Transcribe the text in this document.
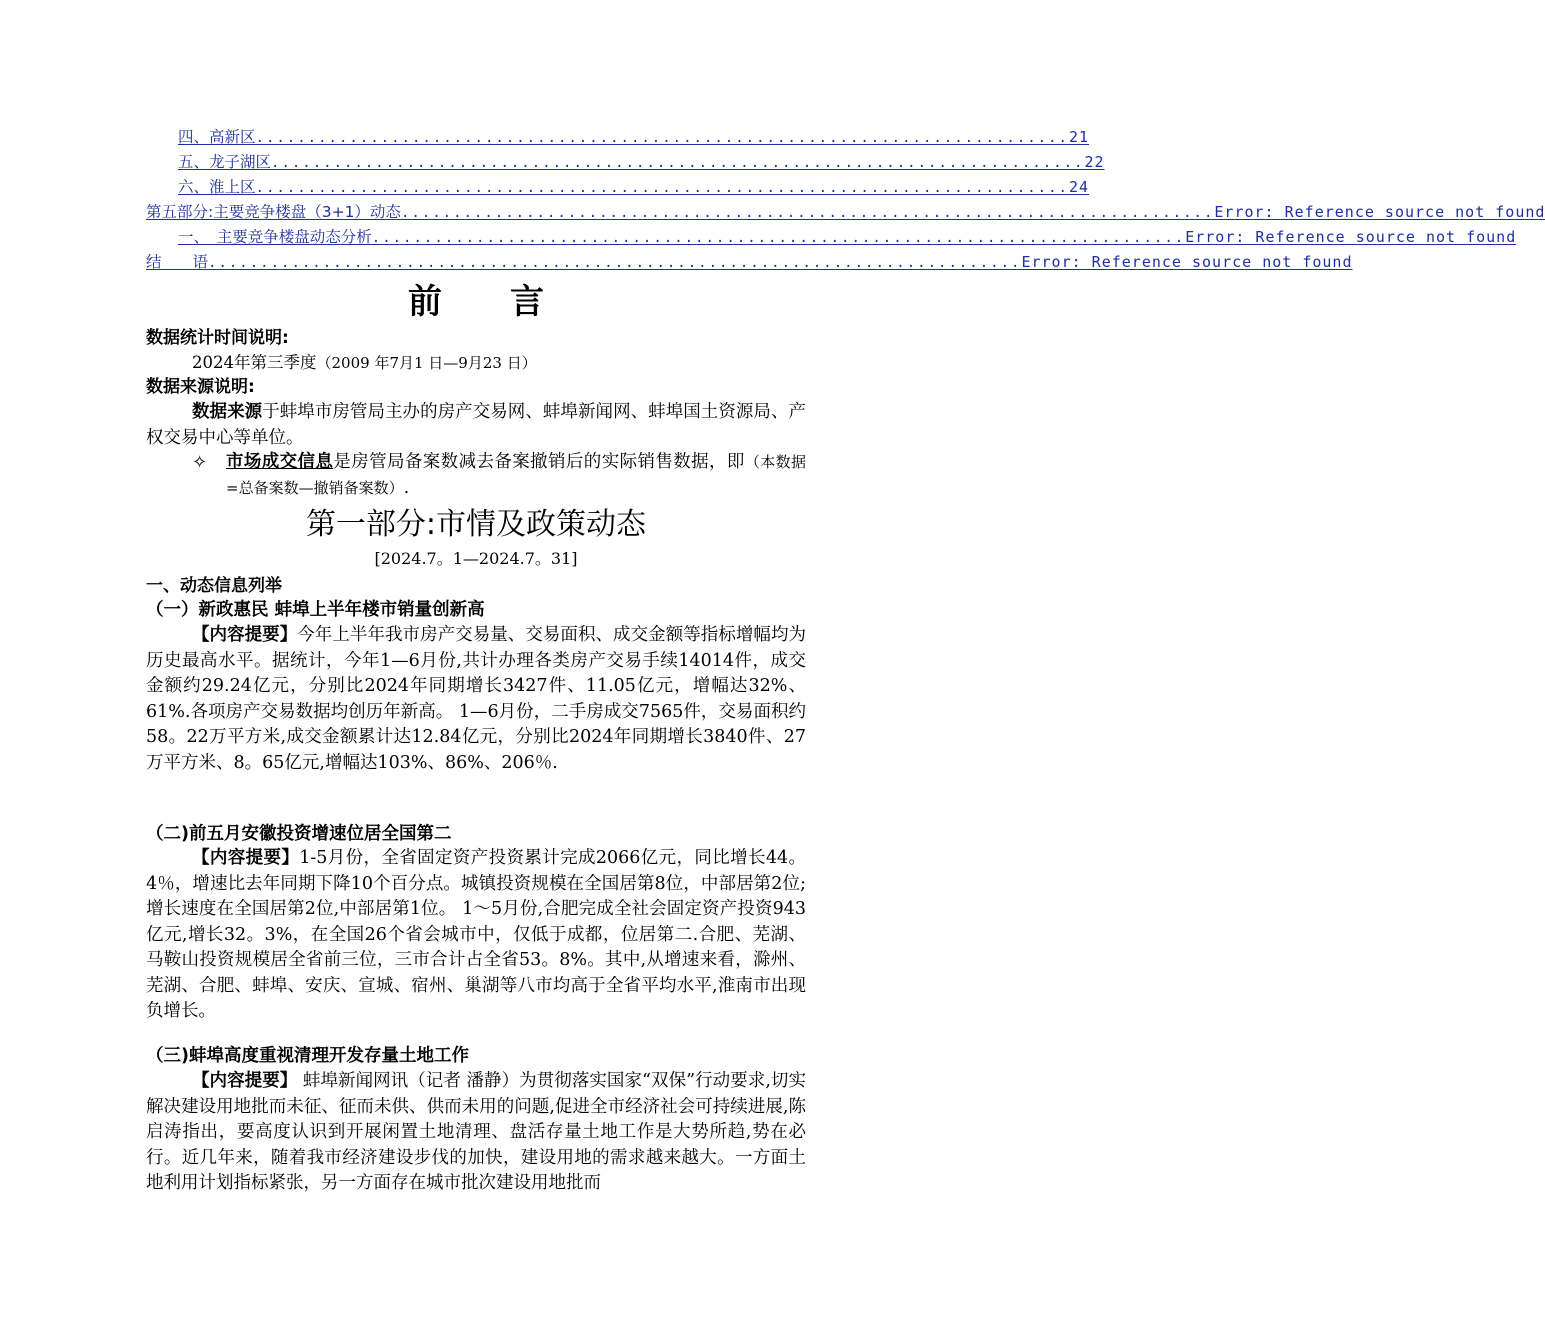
四、高新区 .............................................................................. 21
五、龙子湖区 .............................................................................. 22
六、淮上区 .............................................................................. 24
第五部分:主要竞争楼盘（3+1）动态 .............................................................................. Error: Reference source not found
一、　主要竞争楼盘动态分析 .............................................................................. Error: Reference source not found
结　　语 .............................................................................. Error: Reference source not found
前　　言
数据统计时间说明:
2024年第三季度（2009 年7月1 日—9月23 日）
数据来源说明:
数据来源于蚌埠市房管局主办的房产交易网、蚌埠新闻网、蚌埠国土资源局、产权交易中心等单位。
✧	市场成交信息是房管局备案数减去备案撤销后的实际销售数据，即（本数据=总备案数—撤销备案数）.
第一部分:市情及政策动态
[2024.7。1—2024.7。31]
一、动态信息列举
（一）新政惠民 蚌埠上半年楼市销量创新高
【内容提要】今年上半年我市房产交易量、交易面积、成交金额等指标增幅均为历史最高水平。据统计，今年1—6月份,共计办理各类房产交易手续14014件，成交金额约29.24亿元，分别比2024年同期增长3427件、11.05亿元，增幅达32%、61%.各项房产交易数据均创历年新高。 1—6月份，二手房成交7565件，交易面积约58。22万平方米,成交金额累计达12.84亿元，分别比2024年同期增长3840件、27万平方米、8。65亿元,增幅达103%、86%、206％.
（二)前五月安徽投资增速位居全国第二
【内容提要】1-5月份，全省固定资产投资累计完成2066亿元，同比增长44。4％，增速比去年同期下降10个百分点。城镇投资规模在全国居第8位，中部居第2位; 增长速度在全国居第2位,中部居第1位。 1～5月份,合肥完成全社会固定资产投资943亿元,增长32。3%，在全国26个省会城市中，仅低于成都，位居第二.合肥、芜湖、马鞍山投资规模居全省前三位，三市合计占全省53。8%。其中,从增速来看，滁州、芜湖、合肥、蚌埠、安庆、宣城、宿州、巢湖等八市均高于全省平均水平,淮南市出现负增长。
（三)蚌埠高度重视清理开发存量土地工作
【内容提要】 蚌埠新闻网讯（记者 潘静）为贯彻落实国家“双保”行动要求,切实解决建设用地批而未征、征而未供、供而未用的问题,促进全市经济社会可持续进展,陈启涛指出，要高度认识到开展闲置土地清理、盘活存量土地工作是大势所趋,势在必行。近几年来，随着我市经济建设步伐的加快，建设用地的需求越来越大。一方面土地利用计划指标紧张，另一方面存在城市批次建设用地批而
